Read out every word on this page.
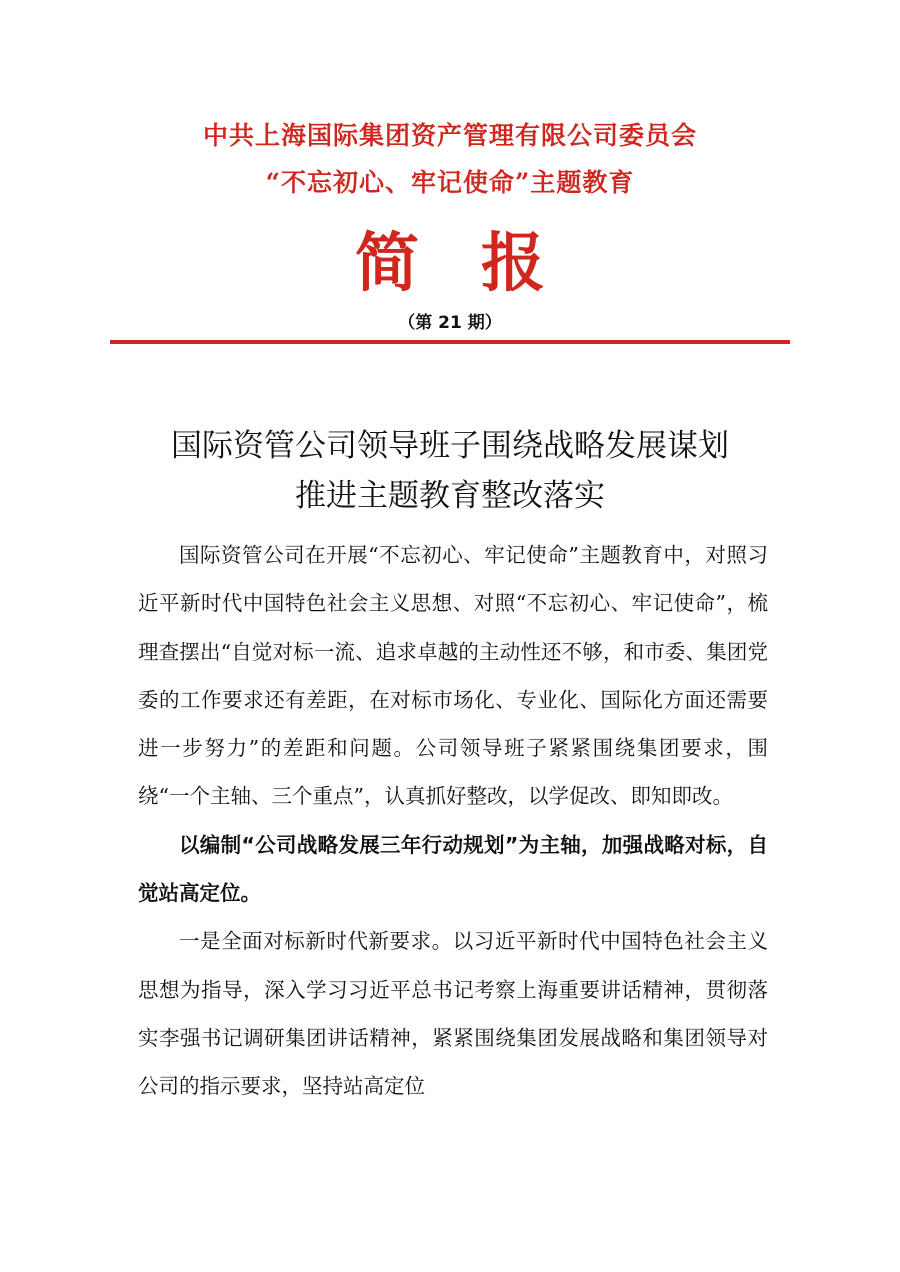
中共上海国际集团资产管理有限公司委员会
“不忘初心、牢记使命”主题教育
简报
（第 21 期）
国际资管公司领导班子围绕战略发展谋划
推进主题教育整改落实

国际资管公司在开展“不忘初心、牢记使命”主题教育中，对照习近平新时代中国特色社会主义思想、对照“不忘初心、牢记使命”，梳理查摆出“自觉对标一流、追求卓越的主动性还不够，和市委、集团党委的工作要求还有差距，在对标市场化、专业化、国际化方面还需要进一步努力”的差距和问题。公司领导班子紧紧围绕集团要求，围绕“一个主轴、三个重点”，认真抓好整改，以学促改、即知即改。

以编制“公司战略发展三年行动规划”为主轴，加强战略对标，自觉站高定位。

一是全面对标新时代新要求。以习近平新时代中国特色社会主义思想为指导，深入学习习近平总书记考察上海重要讲话精神，贯彻落实李强书记调研集团讲话精神，紧紧围绕集团发展战略和集团领导对公司的指示要求，坚持站高定位
